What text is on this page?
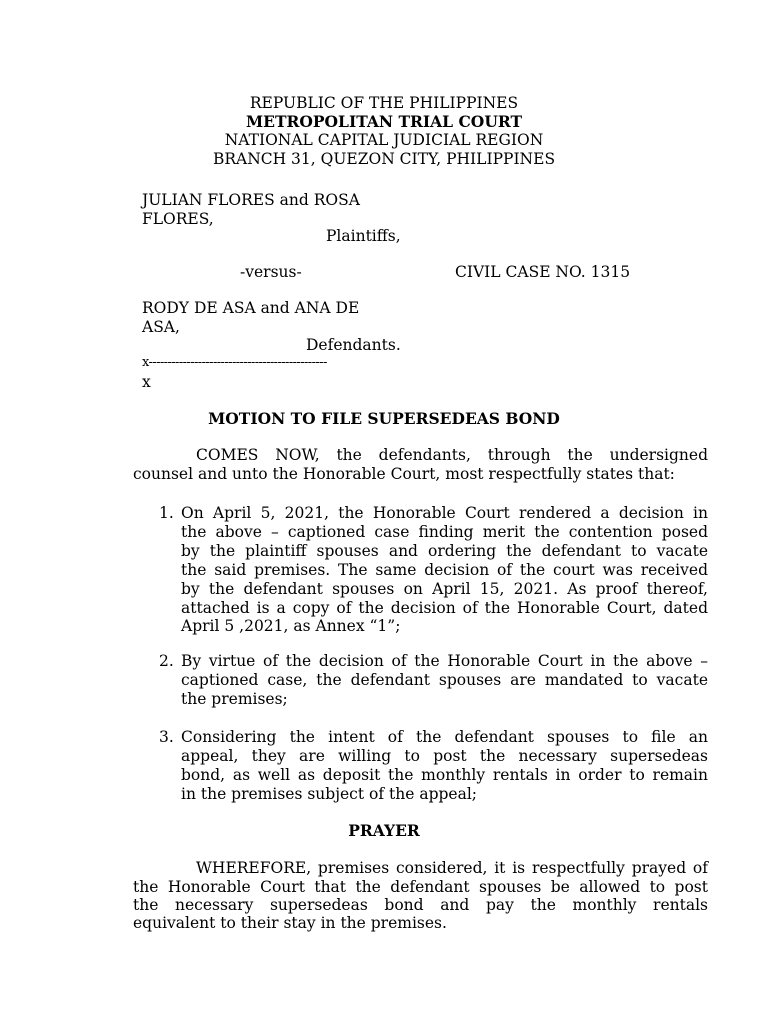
REPUBLIC OF THE PHILIPPINES
METROPOLITAN TRIAL COURT
NATIONAL CAPITAL JUDICIAL REGION
BRANCH 31, QUEZON CITY, PHILIPPINES
JULIAN FLORES and ROSA
FLORES,
Plaintiffs,
-versus-	CIVIL CASE NO. 1315
RODY DE ASA and ANA DE
ASA,
Defendants.
x-----------------------------------------------
x
MOTION TO FILE SUPERSEDEAS BOND
COMES NOW, the defendants, through the undersigned
counsel and unto the Honorable Court, most respectfully states that:
1. On April 5, 2021, the Honorable Court rendered a decision in
the above – captioned case finding merit the contention posed
by the plaintiff spouses and ordering the defendant to vacate
the said premises. The same decision of the court was received
by the defendant spouses on April 15, 2021. As proof thereof,
attached is a copy of the decision of the Honorable Court, dated
April 5 ,2021, as Annex “1”;
2. By virtue of the decision of the Honorable Court in the above –
captioned case, the defendant spouses are mandated to vacate
the premises;
3. Considering the intent of the defendant spouses to file an
appeal, they are willing to post the necessary supersedeas
bond, as well as deposit the monthly rentals in order to remain
in the premises subject of the appeal;
PRAYER
WHEREFORE, premises considered, it is respectfully prayed of
the Honorable Court that the defendant spouses be allowed to post
the necessary supersedeas bond and pay the monthly rentals
equivalent to their stay in the premises.
